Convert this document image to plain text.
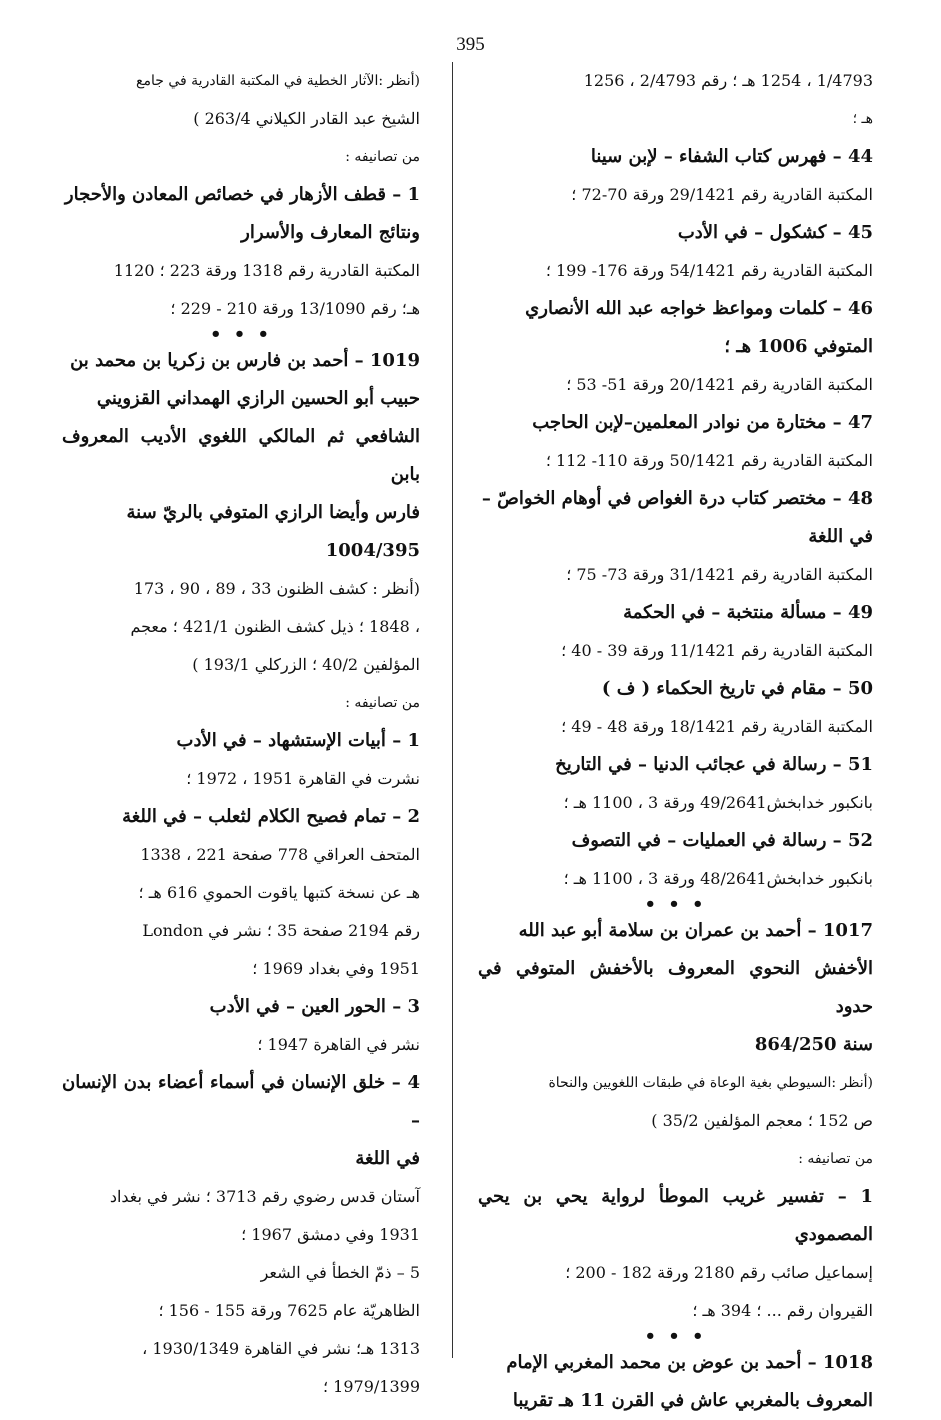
395

1/4793 ، 1254 هـ ؛ رقم 2/4793 ، 1256

هـ ؛

44 – فهرس كتاب الشفاء – لإبن سينا

المكتبة القادرية رقم 29/1421 ورقة 70-72 ؛

45 – كشكول – في الأدب

المكتبة القادرية رقم 54/1421 ورقة 176- 199 ؛

46 – كلمات ومواعظ خواجه عبد الله الأنصاري

المتوفي 1006 هـ ؛

المكتبة القادرية رقم 20/1421 ورقة 51- 53 ؛

47 – مختارة من نوادر المعلمين–لإبن الحاجب

المكتبة القادرية رقم 50/1421 ورقة 110- 112 ؛

48 – مختصر كتاب درة الغواص في أوهام الخواصّ –

في اللغة

المكتبة القادرية رقم 31/1421 ورقة 73- 75 ؛

49 – مسألة منتخبة – في الحكمة

المكتبة القادرية رقم 11/1421 ورقة 39 - 40 ؛

50 – مقام في تاريخ الحكماء ( ف )

المكتبة القادرية رقم 18/1421 ورقة 48 - 49 ؛

51 – رسالة في عجائب الدنيا – في التاريخ

بانكبور خدابخش49/2641 ورقة 3 ، 1100 هـ ؛

52 – رسالة في العمليات – في التصوف

بانكبور خدابخش48/2641 ورقة 3 ، 1100 هـ ؛

• • •

1017 – أحمد بن عمران بن سلامة أبو عبد الله

الأخفش النحوي المعروف بالأخفش المتوفي في حدود

سنة 864/250

(أنظر :السيوطي بغية الوعاة في طبقات اللغويين والنحاة

ص 152 ؛ معجم المؤلفين 35/2 )

من تصانيفه :

1 – تفسير غريب الموطأ لرواية يحي بن يحي المصمودي

إسماعيل صائب رقم 2180 ورقة 182 - 200 ؛

القيروان رقم ... ؛ 394 هـ ؛

• • •

1018 – أحمد بن عوض بن محمد المغربي الإمام

المعروف بالمغربي عاش في القرن 11 هـ تقريبا

(أنظر :الآثار الخطية في المكتبة القادرية في جامع

الشيخ عبد القادر الكيلاني 263/4 )

من تصانيفه :

1 – قطف الأزهار في خصائص المعادن والأحجار

ونتائج المعارف والأسرار

المكتبة القادرية رقم 1318 ورقة 223 ؛ 1120

هـ؛ رقم 13/1090 ورقة 210 - 229 ؛

• • •

1019 – أحمد بن فارس بن زكريا بن محمد بن

حبيب أبو الحسين الرازي الهمداني القزويني

الشافعي ثم المالكي اللغوي الأديب المعروف بابن

فارس وأيضا الرازي المتوفي بالريّ سنة

1004/395

(أنظر : كشف الظنون 33 ، 89 ، 90 ، 173

، 1848 ؛ ذيل كشف الظنون 421/1 ؛ معجم

المؤلفين 40/2 ؛ الزركلي 193/1 )

من تصانيفه :

1 – أبيات الإستشهاد – في الأدب

نشرت في القاهرة 1951 ، 1972 ؛

2 – تمام فصيح الكلام لثعلب – في اللغة

المتحف العراقي 778 صفحة 221 ، 1338

هـ عن نسخة كتبها ياقوت الحموي 616 هـ ؛

رقم 2194 صفحة 35 ؛ نشر في London

1951 وفي بغداد 1969 ؛

3 – الحور العين – في الأدب

نشر في القاهرة 1947 ؛

4 – خلق الإنسان في أسماء أعضاء بدن الإنسان –

في اللغة

آستان قدس رضوي رقم 3713 ؛ نشر في بغداد

1931 وفي دمشق 1967 ؛

5 – ذمّ الخطأ في الشعر

الظاهريّة عام 7625 ورقة 155 - 156 ؛

1313 هـ؛ نشر في القاهرة 1930/1349 ،

1979/1399 ؛
